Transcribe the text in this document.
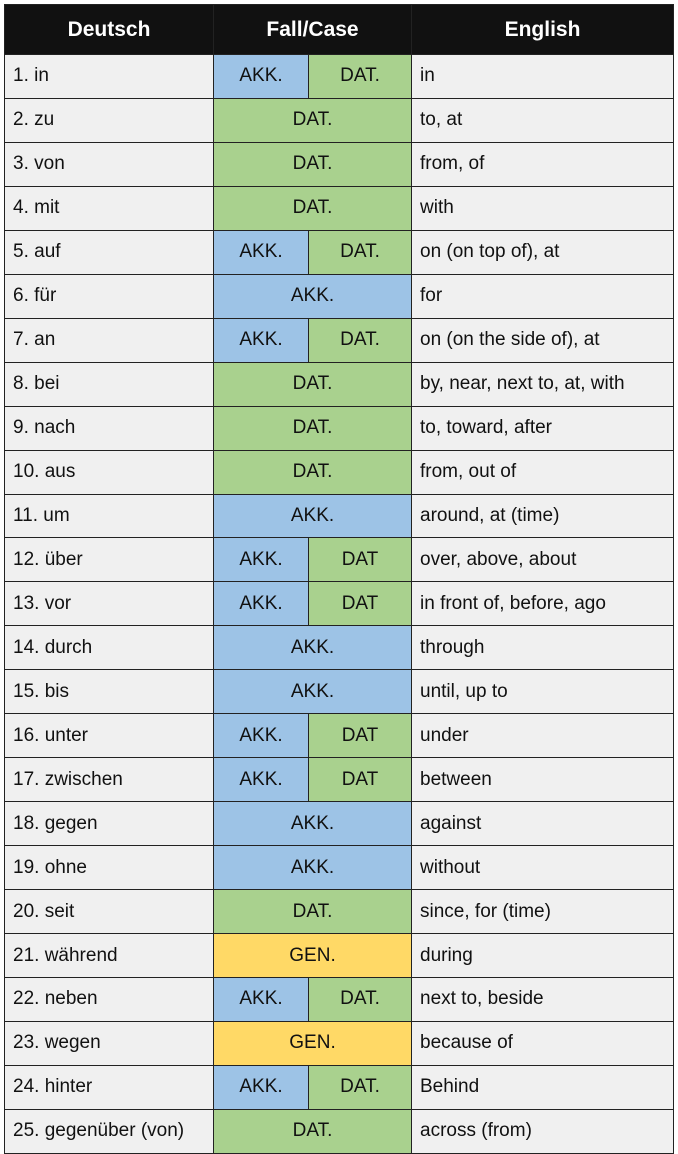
Deutsch	Fall/Case		English
1. in	AKK.	DAT.	in
2. zu	DAT.		to, at
3. von	DAT.		from, of
4. mit	DAT.		with
5. auf	AKK.	DAT.	on (on top of), at
6. für	AKK.		for
7. an	AKK.	DAT.	on (on the side of), at
8. bei	DAT.		by, near, next to, at, with
9. nach	DAT.		to, toward, after
10. aus	DAT.		from, out of
11. um	AKK.		around, at (time)
12. über	AKK.	DAT	over, above, about
13. vor	AKK.	DAT	in front of, before, ago
14. durch	AKK.		through
15. bis	AKK.		until, up to
16. unter	AKK.	DAT	under
17. zwischen	AKK.	DAT	between
18. gegen	AKK.		against
19. ohne	AKK.		without
20. seit	DAT.		since, for (time)
21. während	GEN.		during
22. neben	AKK.	DAT.	next to, beside
23. wegen	GEN.		because of
24. hinter	AKK.	DAT.	Behind
25. gegenüber (von)	DAT.		across (from)
